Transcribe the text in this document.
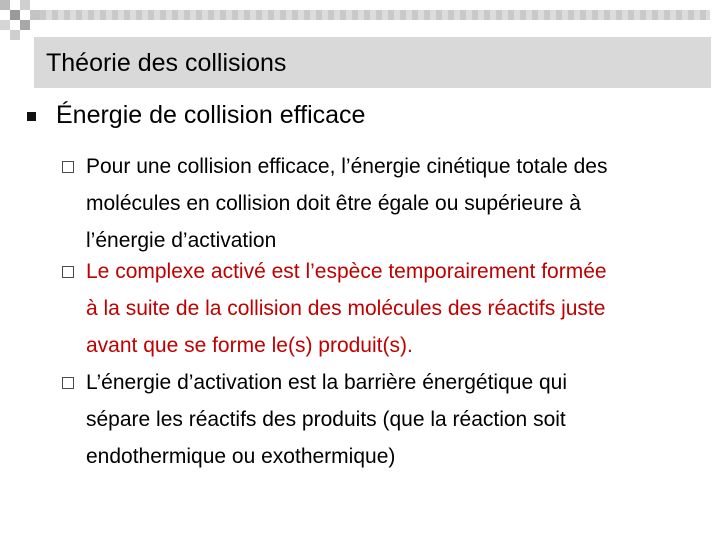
Théorie des collisions
Énergie de collision efficace
Pour une collision efficace, l’énergie cinétique totale des
molécules en collision doit être égale ou supérieure à
l’énergie d’activation
Le complexe activé est l’espèce temporairement formée
à la suite de la collision des molécules des réactifs juste
avant que se forme le(s) produit(s).
L’énergie d’activation est la barrière énergétique qui
sépare les réactifs des produits (que la réaction soit
endothermique ou exothermique)
